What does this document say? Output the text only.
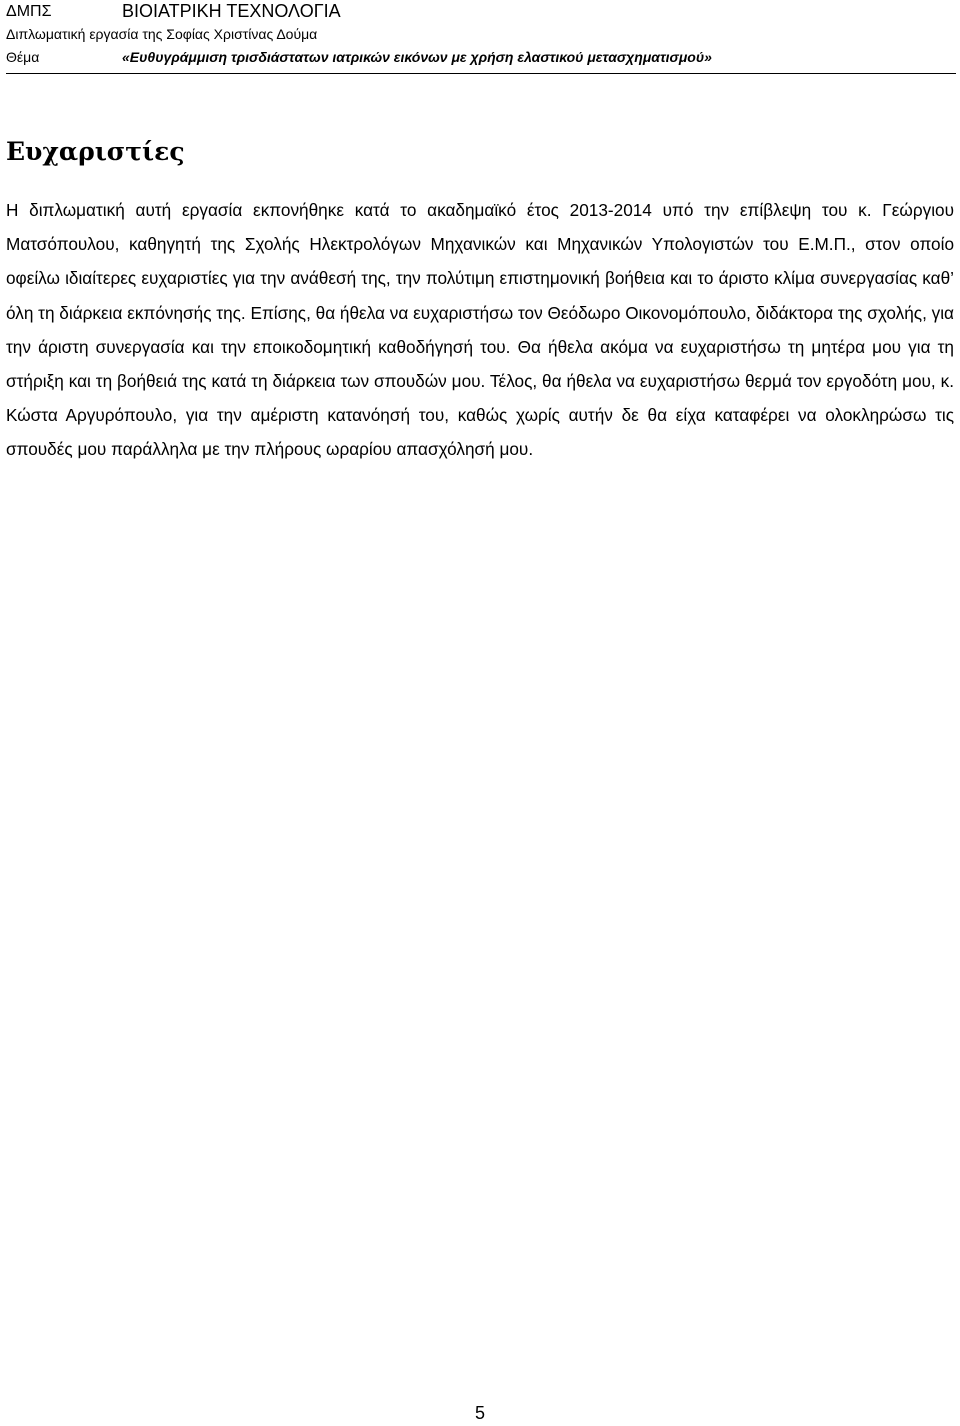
ΔΜΠΣ	ΒΙΟΙΑΤΡΙΚΗ ΤΕΧΝΟΛΟΓΙΑ
Διπλωματική εργασία της Σοφίας Χριστίνας Δούμα
Θέμα	«Ευθυγράμμιση τρισδιάστατων ιατρικών εικόνων με χρήση ελαστικού μετασχηματισμού»
Ευχαριστίες

Η διπλωματική αυτή εργασία εκπονήθηκε κατά το ακαδημαϊκό έτος 2013-2014 υπό την επίβλεψη του κ. Γεώργιου Ματσόπουλου, καθηγητή της Σχολής Ηλεκτρολόγων Μηχανικών και Μηχανικών Υπολογιστών του Ε.Μ.Π., στον οποίο οφείλω ιδιαίτερες ευχαριστίες για την ανάθεσή της, την πολύτιμη επιστημονική βοήθεια και το άριστο κλίμα συνεργασίας καθ’ όλη τη διάρκεια εκπόνησής της. Επίσης, θα ήθελα να ευχαριστήσω τον Θεόδωρο Οικονομόπουλο, διδάκτορα της σχολής, για την άριστη συνεργασία και την εποικοδομητική καθοδήγησή του. Θα ήθελα ακόμα να ευχαριστήσω τη μητέρα μου για τη στήριξη και τη βοήθειά της κατά τη διάρκεια των σπουδών μου. Τέλος, θα ήθελα να ευχαριστήσω θερμά τον εργοδότη μου, κ. Κώστα Αργυρόπουλο, για την αμέριστη κατανόησή του, καθώς χωρίς αυτήν δε θα είχα καταφέρει να ολοκληρώσω τις σπουδές μου παράλληλα με την πλήρους ωραρίου απασχόλησή μου.

5
